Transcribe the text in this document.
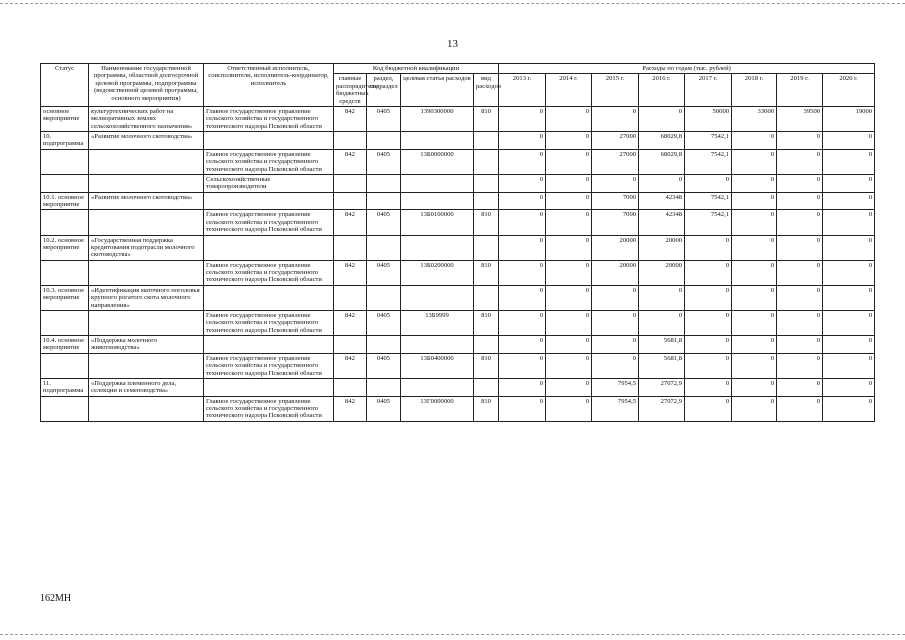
13
Статус	Наименование государственной программы, областной долгосрочной целевой программы, подпрограммы (ведомственной целевой программы, основного мероприятия)	Ответственный исполнитель, соисполнители, исполнитель-координатор, исполнитель	Код бюджетной квалификации				Расходы по годам (тыс. рублей)							
			главные распорядители бюджетных средств	раздел, подраздел	целевая статья расходов	вид расходов	2013 г.	2014 г.	2015 г.	2016 г.	2017 г.	2018 г.	2019 г.	2020 г.
основное мероприятие	культуртехнических работ на мелиоративных землях сельскохозяйственного назначения»	Главное государственное управление сельского хозяйства и государственного технического надзора Псковской области	842	0405	1390300000	810	0	0	0	0	50000	33000	39500	19000
10. подпрограмма	«Развитие молочного скотоводства»						0	0	27000	68029,8	7542,1	0	0	0
		Главное государственное управление сельского хозяйства и государственного технического надзора Псковской области	842	0405	13Б0000000		0	0	27000	68029,8	7542,1	0	0	0
		Сельскохозяйственные товаропроизводители					0	0	0	0	0	0	0	0
10.1. основное мероприятие	«Развитие молочного скотоводства»						0	0	7000	42348	7542,1	0	0	0
		Главное государственное управление сельского хозяйства и государственного технического надзора Псковской области	842	0405	13Б0100000	810	0	0	7000	42348	7542,1	0	0	0
10.2. основное мероприятие	«Государственная поддержка кредитования подотрасли молочного скотоводства»						0	0	20000	20000	0	0	0	0
		Главное государственное управление сельского хозяйства и государственного технического надзора Псковской области	842	0405	13Б0200000	810	0	0	20000	20000	0	0	0	0
10.3. основное мероприятие	«Идентификация маточного поголовья крупного рогатого скота молочного направления»						0	0	0	0	0	0	0	0
		Главное государственное управление сельского хозяйства и государственного технического надзора Псковской области	842	0405	13Б9999	810	0	0	0	0	0	0	0	0
10.4. основное мероприятие	«Поддержка молочного животноводства»						0	0	0	5681,8	0	0	0	0
		Главное государственное управление сельского хозяйства и государственного технического надзора Псковской области	842	0405	13Б0400000	810	0	0	0	5681,8	0	0	0	0
11. подпрограмма	«Поддержка племенного дела, селекции и семеноводства»						0	0	7954,5	27072,9	0	0	0	0
		Главное государственное управление сельского хозяйства и государственного технического надзора Псковской области	842	0405	13Г0000000	810	0	0	7954,5	27072,9	0	0	0	0
162МН
